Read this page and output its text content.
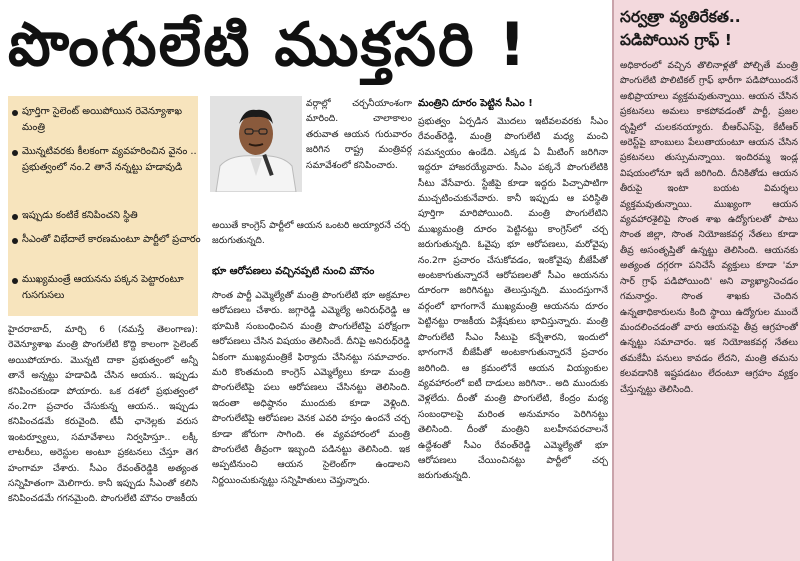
పొంగులేటి ముక్తసరి !
పూర్తిగా సైలెంట్ అయిపోయిన రెవెన్యూశాఖ మంత్రి
మొన్నటివరకు కీలకంగా వ్యవహరించిన వైనం .. ప్రభుత్వంలో నం.2 తానే నన్నట్టు హడావుడి
ఇప్పుడు కంటికే కనిపించని స్థితి
సీఎంతో విభేదాలే కారణమంటూ పార్టీలో ప్రచారం
ముఖ్యమంత్రే ఆయనను పక్కన పెట్టారంటూ గుసగుసలు
హైదరాబాద్, మార్చి 6 (నమస్తే తెలంగాణ): రెవెన్యూశాఖ మంత్రి పొంగులేటి కొద్ది కాలంగా సైలెంట్ అయిపోయారు. మొన్నటి దాకా ప్రభుత్వంలో అన్నీ తానే అన్నట్టు హడావిడి చేసిన ఆయన.. ఇప్పుడు కనిపించకుండా పోయారు. ఒక దశలో ప్రభుత్వంలో నం.2గా ప్రచారం చేసుకున్న ఆయన.. ఇప్పుడు కనిపించడమే కరువైంది. టీవీ ఛానెల్లకు వరుస ఇంటర్వ్యూలు, సమావేశాలు నిర్వహిస్తూ.. లక్కీ లాటరీలు, అరెస్టుల అంటూ ప్రకటనలు చేస్తూ తెగ హంగామా చేశారు. సీఎం రేవంత్‌రెడ్డికి అత్యంత సన్నిహితంగా మెలిగారు. కానీ ఇప్పుడు సీఎంతో కలిసి కనిపించడమే గగనమైంది. పొంగులేటి మౌనం రాజకీయ
వర్గాల్లో చర్చనీయాంశంగా మారింది. చాలాకాలం తరువాత ఆయన గురువారం జరిగిన రాష్ట్ర మంత్రివర్గ సమావేశంలో కనిపించారు.
అయితే కాంగ్రెస్ పార్టీలో ఆయన ఒంటరి అయ్యారనే చర్చ జరుగుతున్నది.
భూ ఆరోపణలు వచ్చినప్పటి నుంచి మౌనం
సొంత పార్టీ ఎమ్మెల్యేతో మంత్రి పొంగులేటి భూ అక్రమాల ఆరోపణలు చేశారు. జగ్గారెడ్డి ఎమ్మెల్యే అనిరుధ్‌రెడ్డి ఆ భూమికి సంబంధించిన మంత్రి పొంగులేటిపై పరోక్షంగా ఆరోపణలు చేసిన విషయం తెలిసిందే. దీనిపై అనిరుధ్‌రెడ్డి ఏకంగా ముఖ్యమంత్రికే ఫిర్యాదు చేసినట్టు సమాచారం. మరి కొంతమంది కాంగ్రెస్ ఎమ్మెల్యేలు కూడా మంత్రి పొంగులేటిపై పలు ఆరోపణలు చేసినట్టు తెలిసింది. ఇదంతా అధిష్ఠానం ముందుకు కూడా వెళ్లింది. పొంగులేటిపై ఆరోపణల వెనక ఎవరి హస్తం ఉందనే చర్చ కూడా జోరుగా సాగింది. ఈ వ్యవహారంలో మంత్రి పొంగులేటి తీవ్రంగా ఇబ్బంది పడినట్టు తెలిసింది. ఇక అప్పటినుంచి ఆయన సైలెంట్‌గా ఉండాలని నిర్ణయించుకున్నట్టు సన్నిహితులు చెప్తున్నారు.
మంత్రిని దూరం పెట్టిన సీఎం !
ప్రభుత్వం ఏర్పడిన మొదలు ఇటీవలవరకు సీఎం రేవంత్‌రెడ్డి, మంత్రి పొంగులేటి మధ్య మంచి సమన్వయం ఉండేది. ఎక్కడ ఏ మీటింగ్ జరిగినా ఇద్దరూ హాజరయ్యేవారు. సీఎం పక్కనే పొంగులేటికి సీటు వేసేవారు. స్టేజీపై కూడా ఇద్దరు పిచ్చాపాటిగా ముచ్చటించుకునేవారు. కానీ ఇప్పుడు ఆ పరిస్థితి పూర్తిగా మారిపోయింది. మంత్రి పొంగులేటిని ముఖ్యమంత్రి దూరం పెట్టినట్టు కాంగ్రెస్‌లో చర్చ జరుగుతున్నది. ఓవైపు భూ ఆరోపణలు, మరోవైపు నం.2గా ప్రచారం చేసుకోవడం, ఇంకోవైపు బీజేపీతో అంటకాగుతున్నారనే ఆరోపణలతో సీఎం ఆయనను దూరంగా జరిగినట్టు తెలుస్తున్నది. ముందస్తుగానే వర్గంలో భాగంగానే ముఖ్యమంత్రి ఆయనను దూరం పెట్టినట్టు రాజకీయ విశ్లేషకులు భావిస్తున్నారు. మంత్రి పొంగులేటి సీఎం సీటుపై కన్నేశారని, ఇందులో భాగంగానే బీజేపీతో అంటకాగుతున్నారనే ప్రచారం జరిగింది. ఆ క్రమంలోనే ఆయన వియ్యంకుల వ్యవహారంలో ఐటీ దాడులు జరిగినా.. అది ముందుకు వెళ్లలేదు. దీంతో మంత్రి పొంగులేటి, కేంద్రం మధ్య సంబంధాలపై మరింత అనుమానం పెరిగినట్టు తెలిసింది. దీంతో మంత్రిని బలహీనపరచాలనే ఉద్దేశంతో సీఎం రేవంత్‌రెడ్డి ఎమ్మెల్యేతో భూ ఆరోపణలు చేయించినట్టు పార్టీలో చర్చ జరుగుతున్నది.
సర్వత్రా వ్యతిరేకత.. పడిపోయిన గ్రాఫ్ !
అధికారంలో వచ్చిన తొలినాళ్లతో పోల్చితే మంత్రి పొంగులేటి పొలిటికల్ గ్రాఫ్ భారీగా పడిపోయిందనే అభిప్రాయాలు వ్యక్తమవుతున్నాయి. ఆయన చేసిన ప్రకటనలు అమలు కాకపోవడంతో పార్టీ, ప్రజల దృష్టిలో చులకనయ్యారు. బీఆర్‌ఎస్‌పై, కేటీఆర్ అరెస్ట్‌పై బాంబులు పేలుతాయంటూ ఆయన చేసిన ప్రకటనలు తుస్సుమన్నాయి. ఇందిరమ్మ ఇండ్ల విషయంలోనూ ఇదే జరిగింది. దీనికితోడు ఆయన తీరుపై ఇంటా బయట విమర్శలు వ్యక్తమవుతున్నాయి. ముఖ్యంగా ఆయన వ్యవహారశైలిపై సొంత శాఖ ఉద్యోగులతో పాటు సొంత జిల్లా, సొంత నియోజకవర్గ నేతలు కూడా తీవ్ర అసంతృప్తితో ఉన్నట్టు తెలిసింది. ఆయనకు అత్యంత దగ్గరగా పనిచేసే వ్యక్తులు కూడా 'మా సార్ గ్రాఫ్ పడిపోయింది' అని వ్యాఖ్యానించడం గమనార్హం. సొంత శాఖకు చెందిన ఉన్నతాధికారులను కింది స్థాయి ఉద్యోగుల ముందే మందలించడంతో వారు ఆయనపై తీవ్ర ఆగ్రహంతో ఉన్నట్టు సమాచారం. ఇక నియోజకవర్గ నేతలు తమకేమీ పనులు కావడం లేదని, మంత్రి తమను కలవడానికి ఇష్టపడటం లేదంటూ ఆగ్రహం వ్యక్తం చేస్తున్నట్టు తెలిసింది.
